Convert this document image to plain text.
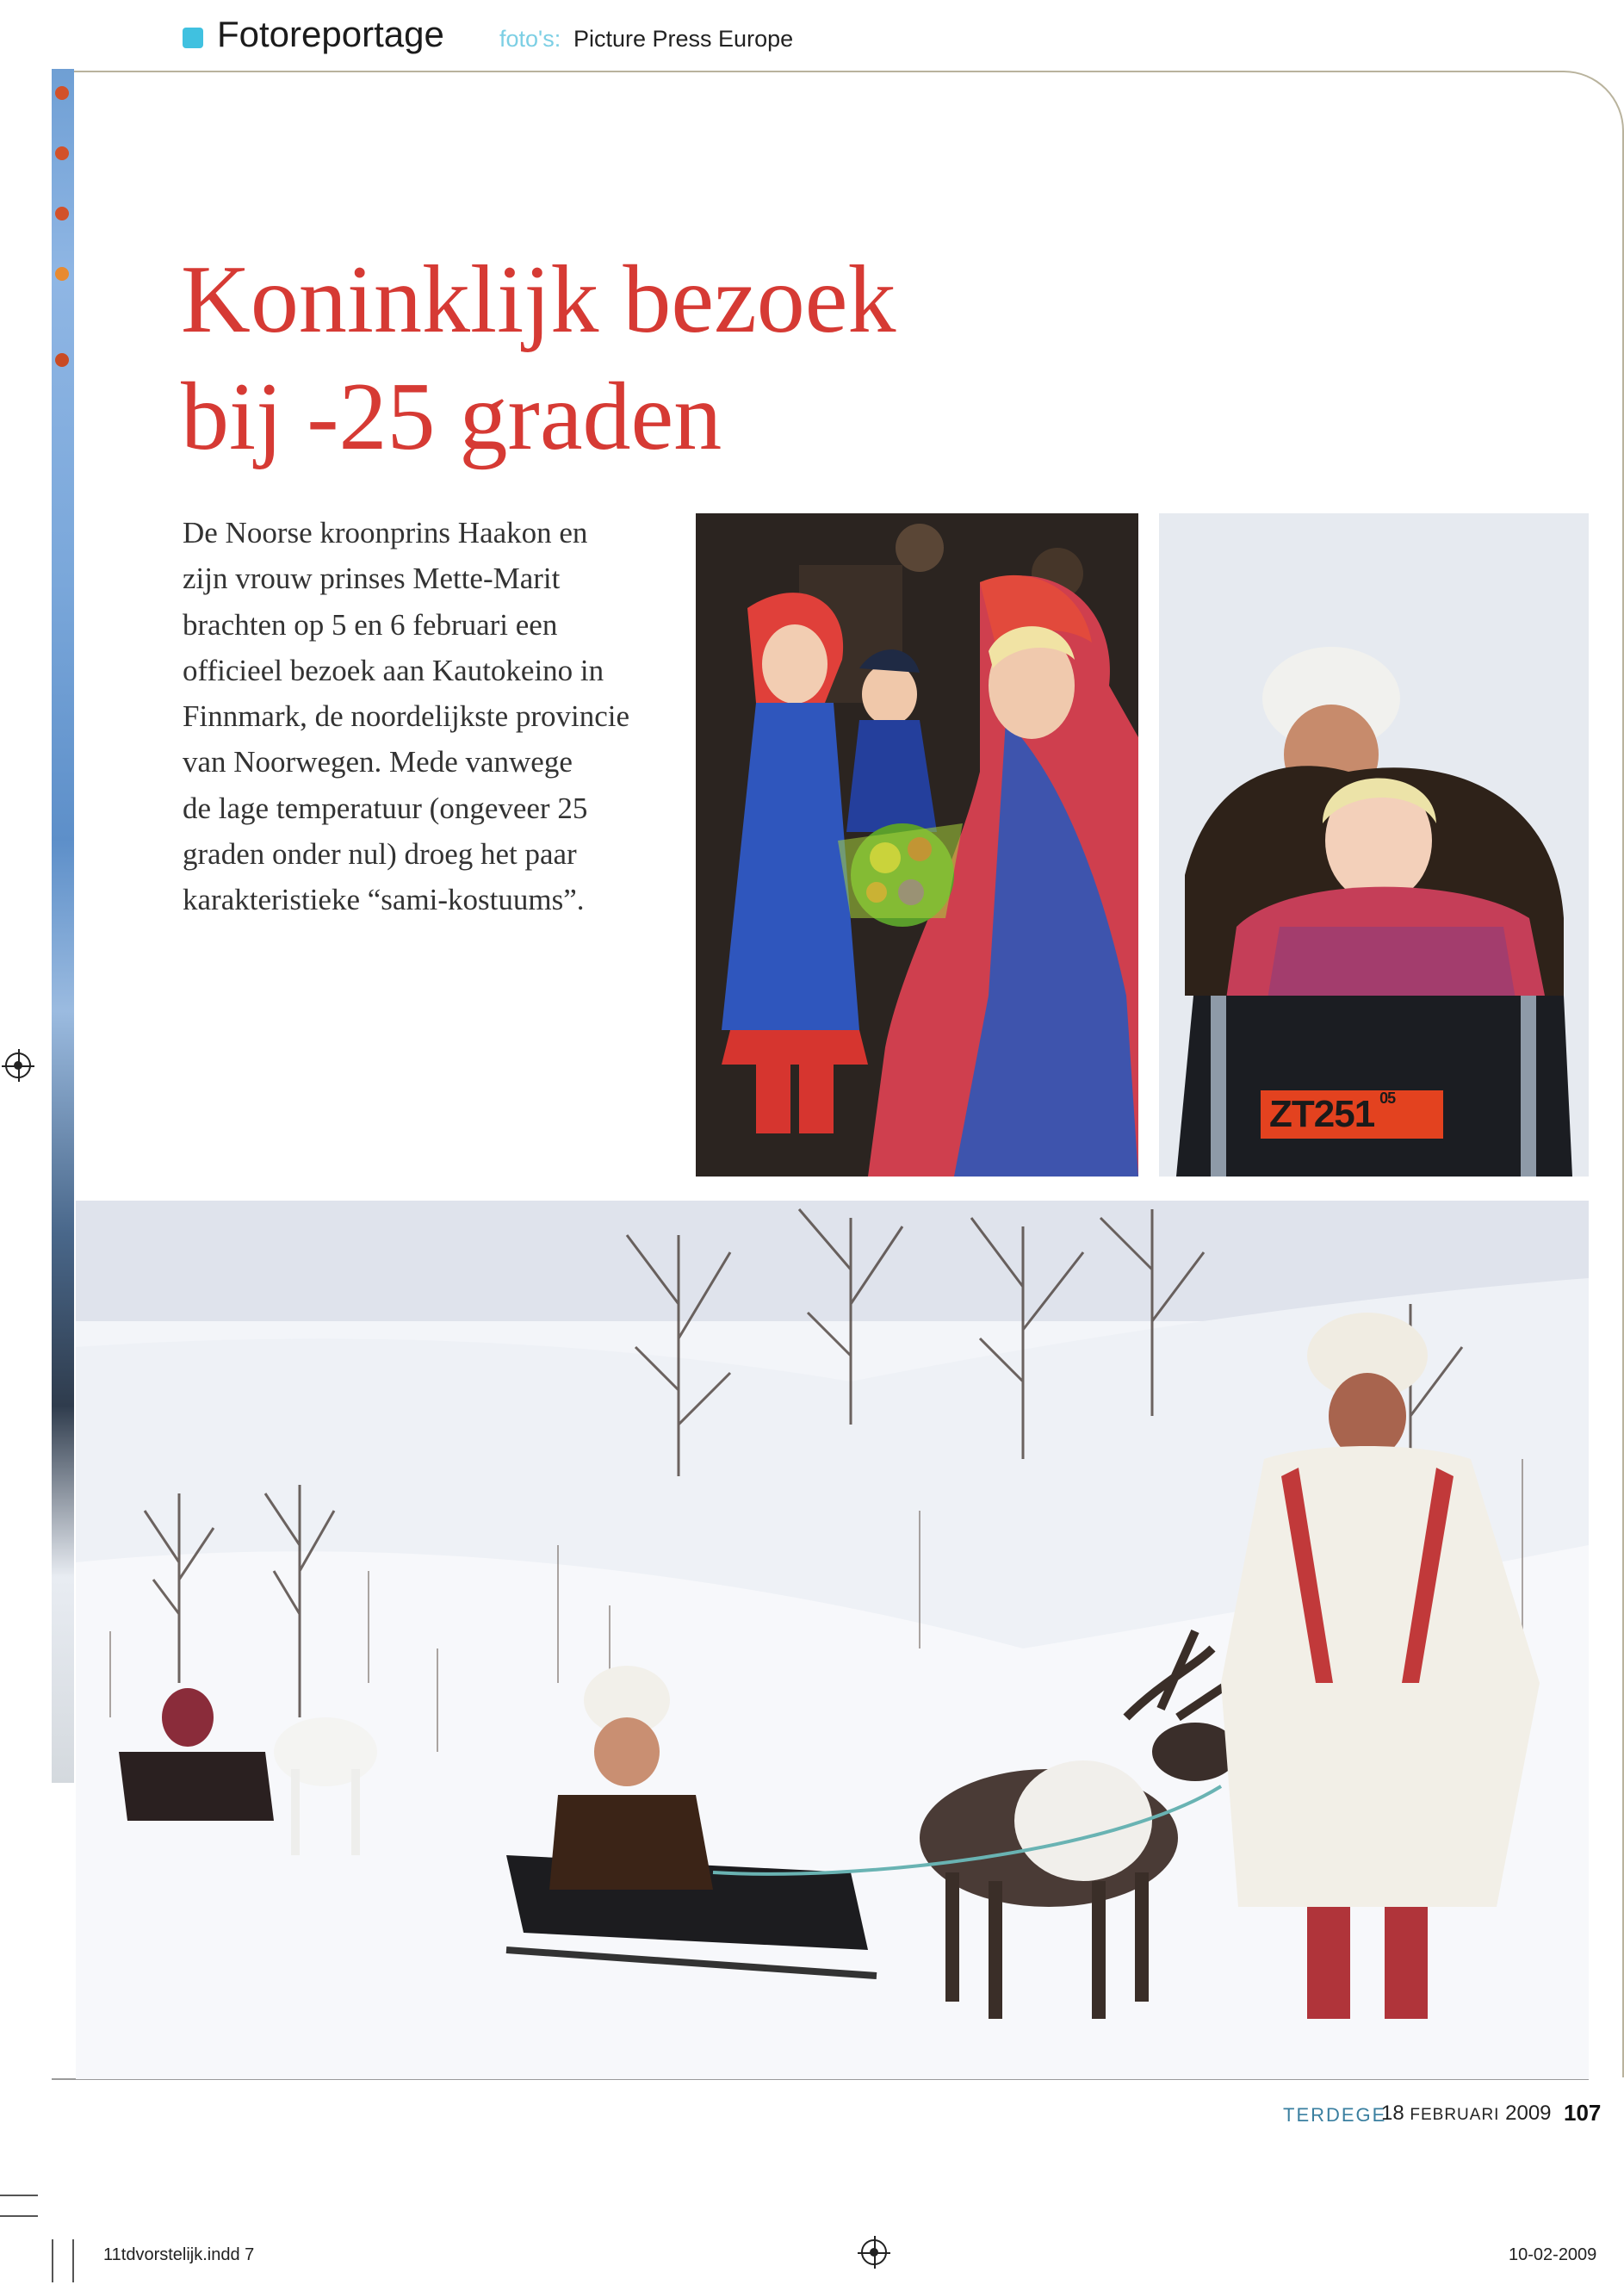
Fotoreportage foto's: Picture Press Europe
Koninklijk bezoek
bij -25 graden

De Noorse kroonprins Haakon en
zijn vrouw prinses Mette-Marit
brachten op 5 en 6 februari een
officieel bezoek aan Kautokeino in
Finnmark, de noordelijkste provincie
van Noorwegen. Mede vanwege
de lage temperatuur (ongeveer 25
graden onder nul) droeg het paar
karakteristieke “sami-kostuums”.

ZT251 05
TERDEGE
18 FEBRUARI 2009 107
11tdvorstelijk.indd 7	10-02-2009
